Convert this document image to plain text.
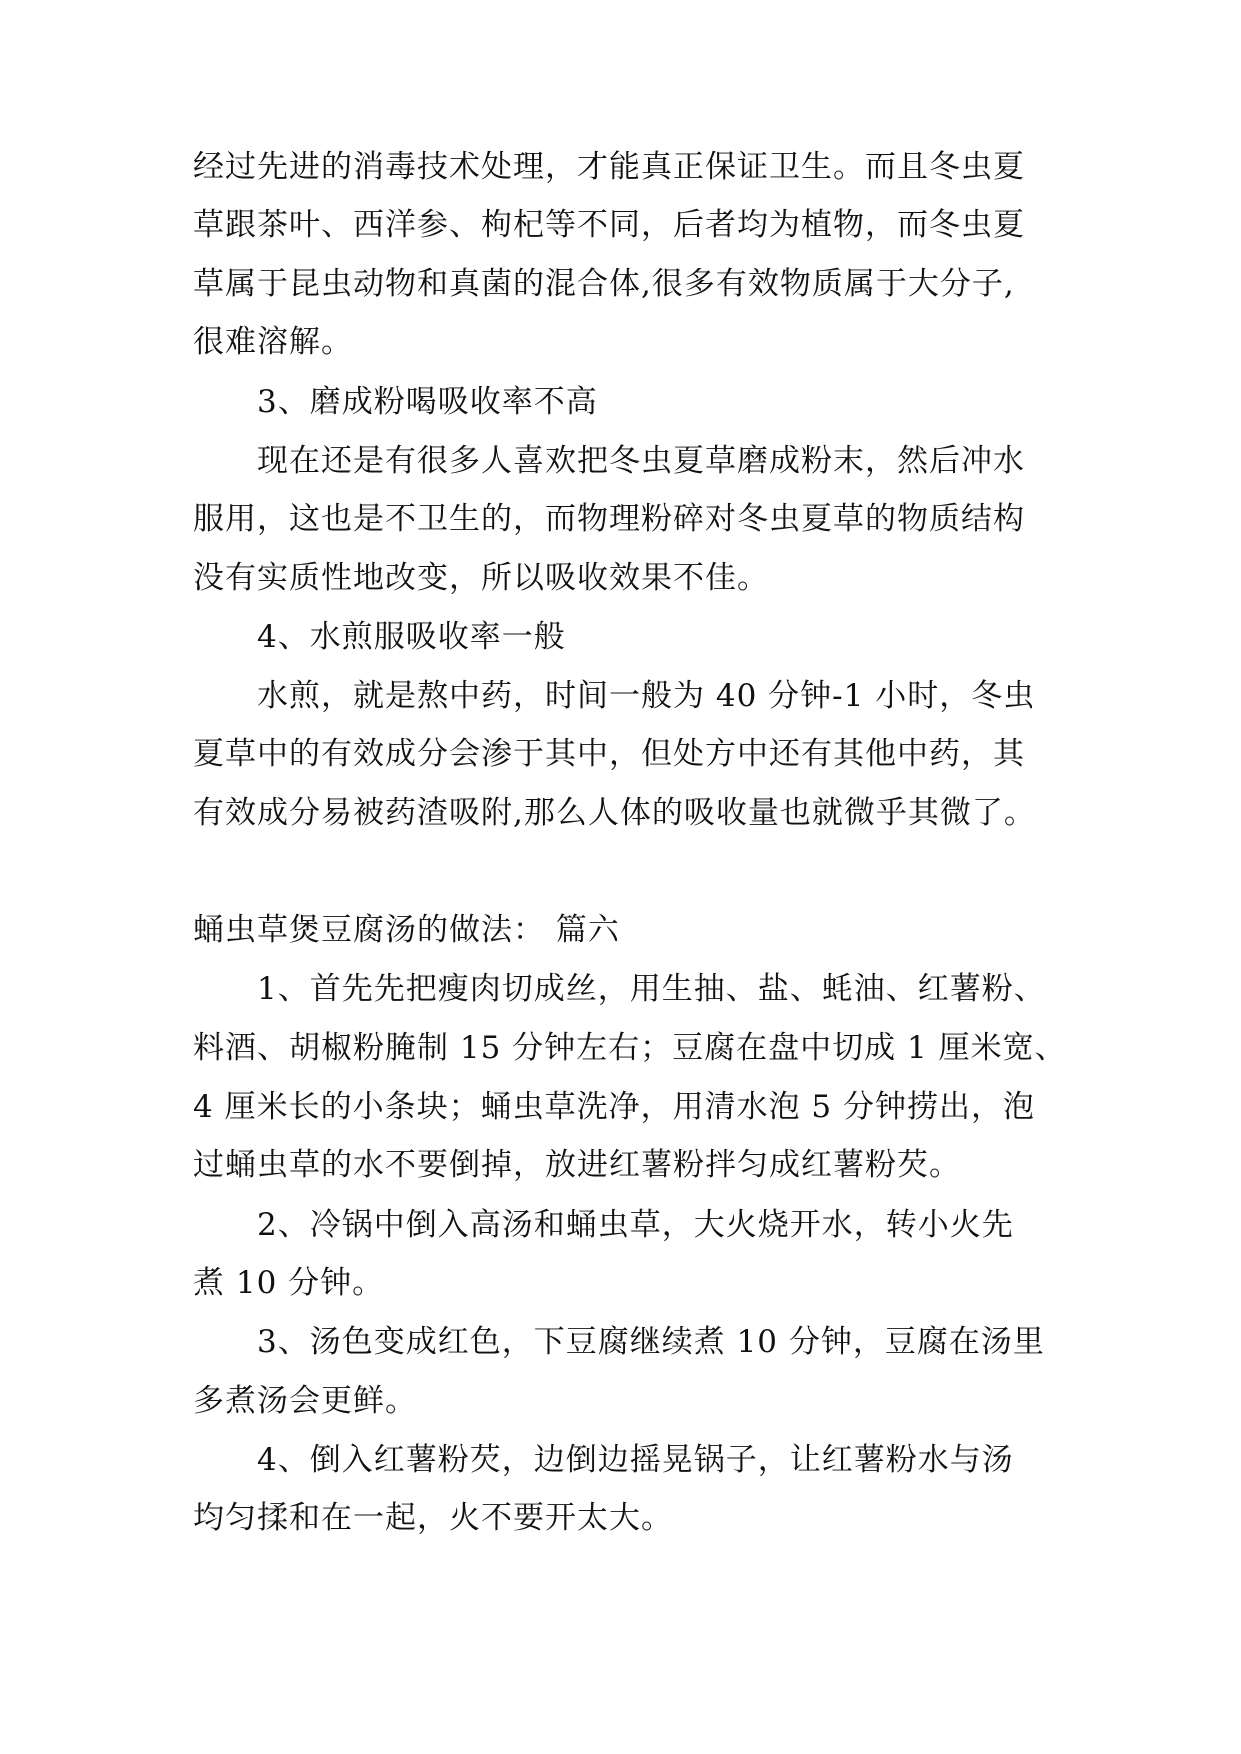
经过先进的消毒技术处理，才能真正保证卫生。而且冬虫夏
草跟茶叶、西洋参、枸杞等不同，后者均为植物，而冬虫夏
草属于昆虫动物和真菌的混合体,很多有效物质属于大分子,
很难溶解。
3、磨成粉喝吸收率不高
现在还是有很多人喜欢把冬虫夏草磨成粉末，然后冲水
服用，这也是不卫生的，而物理粉碎对冬虫夏草的物质结构
没有实质性地改变，所以吸收效果不佳。
4、水煎服吸收率一般
水煎，就是熬中药，时间一般为 40 分钟-1 小时，冬虫
夏草中的有效成分会渗于其中，但处方中还有其他中药，其
有效成分易被药渣吸附,那么人体的吸收量也就微乎其微了。
蛹虫草煲豆腐汤的做法： 篇六
1、首先先把瘦肉切成丝，用生抽、盐、蚝油、红薯粉、
料酒、胡椒粉腌制 15 分钟左右；豆腐在盘中切成 1 厘米宽、
4 厘米长的小条块；蛹虫草洗净，用清水泡 5 分钟捞出，泡
过蛹虫草的水不要倒掉，放进红薯粉拌匀成红薯粉芡。
2、冷锅中倒入高汤和蛹虫草，大火烧开水，转小火先
煮 10 分钟。
3、汤色变成红色，下豆腐继续煮 10 分钟，豆腐在汤里
多煮汤会更鲜。
4、倒入红薯粉芡，边倒边摇晃锅子，让红薯粉水与汤
均匀揉和在一起，火不要开太大。
